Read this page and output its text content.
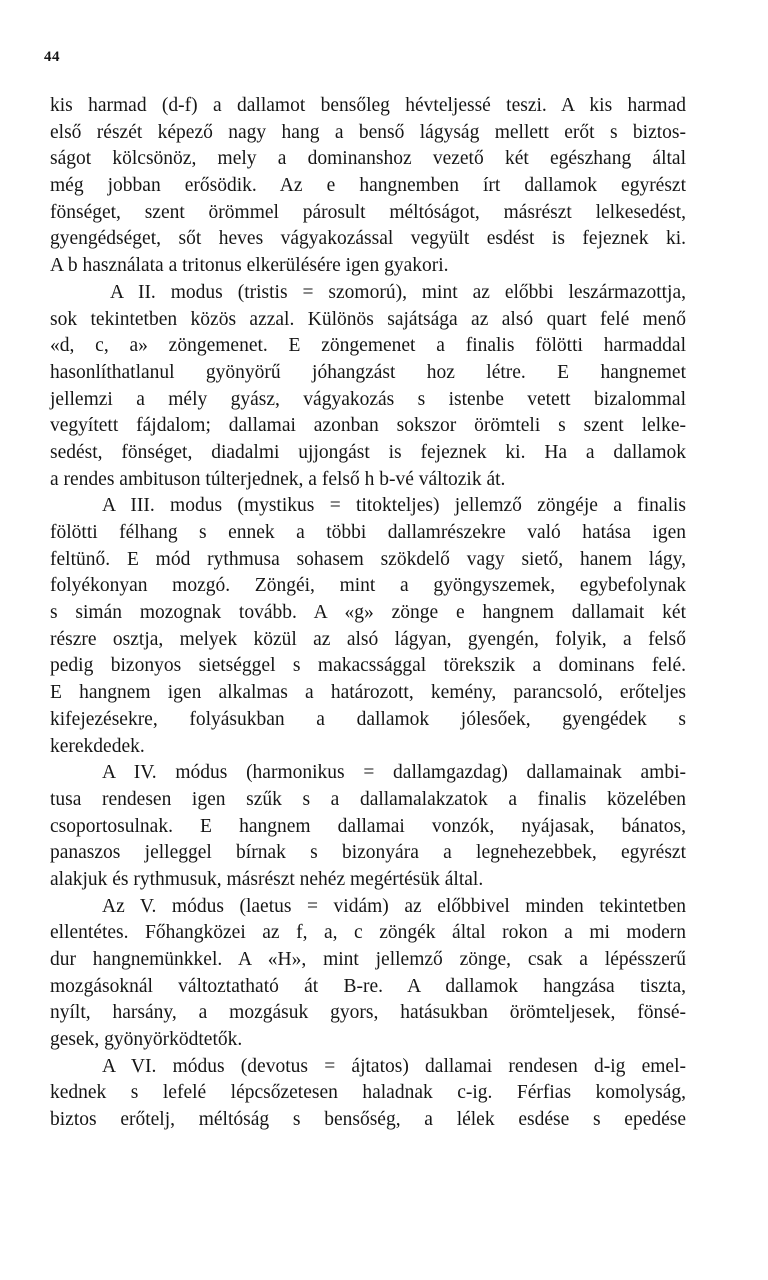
44
kis harmad (d-f) a dallamot bensőleg hévteljessé teszi. A kis harmad
első részét képező nagy hang a benső lágyság mellett erőt s biztos-
ságot kölcsönöz, mely a dominanshoz vezető két egészhang által
még jobban erősödik. Az e hangnemben írt dallamok egyrészt
fönséget, szent örömmel párosult méltóságot, másrészt lelkesedést,
gyengédséget, sőt heves vágyakozással vegyült esdést is fejeznek ki.
A b használata a tritonus elkerülésére igen gyakori.
A II. modus (tristis = szomorú), mint az előbbi leszármazottja,
sok tekintetben közös azzal. Különös sajátsága az alsó quart felé menő
«d, c, a» zöngemenet. E zöngemenet a finalis fölötti harmaddal
hasonlíthatlanul gyönyörű jóhangzást hoz létre. E hangnemet
jellemzi a mély gyász, vágyakozás s istenbe vetett bizalommal
vegyített fájdalom; dallamai azonban sokszor örömteli s szent lelke-
sedést, fönséget, diadalmi ujjongást is fejeznek ki. Ha a dallamok
a rendes ambituson túlterjednek, a felső h b-vé változik át.
A III. modus (mystikus = titokteljes) jellemző zöngéje a finalis
fölötti félhang s ennek a többi dallamrészekre való hatása igen
feltünő. E mód rythmusa sohasem szökdelő vagy siető, hanem lágy,
folyékonyan mozgó. Zöngéi, mint a gyöngyszemek, egybefolynak
s simán mozognak tovább. A «g» zönge e hangnem dallamait két
részre osztja, melyek közül az alsó lágyan, gyengén, folyik, a felső
pedig bizonyos sietséggel s makacssággal törekszik a dominans felé.
E hangnem igen alkalmas a határozott, kemény, parancsoló, erőteljes
kifejezésekre, folyásukban a dallamok jólesőek, gyengédek s
kerekdedek.
A IV. módus (harmonikus = dallamgazdag) dallamainak ambi-
tusa rendesen igen szűk s a dallamalakzatok a finalis közelében
csoportosulnak. E hangnem dallamai vonzók, nyájasak, bánatos,
panaszos jelleggel bírnak s bizonyára a legnehezebbek, egyrészt
alakjuk és rythmusuk, másrészt nehéz megértésük által.
Az V. módus (laetus = vidám) az előbbivel minden tekintetben
ellentétes. Főhangközei az f, a, c zöngék által rokon a mi modern
dur hangnemünkkel. A «H», mint jellemző zönge, csak a lépésszerű
mozgásoknál változtatható át B-re. A dallamok hangzása tiszta,
nyílt, harsány, a mozgásuk gyors, hatásukban örömteljesek, fönsé-
gesek, gyönyörködtetők.
A VI. módus (devotus = ájtatos) dallamai rendesen d-ig emel-
kednek s lefelé lépcsőzetesen haladnak c-ig. Férfias komolyság,
biztos erőtelj, méltóság s bensőség, a lélek esdése s epedése
